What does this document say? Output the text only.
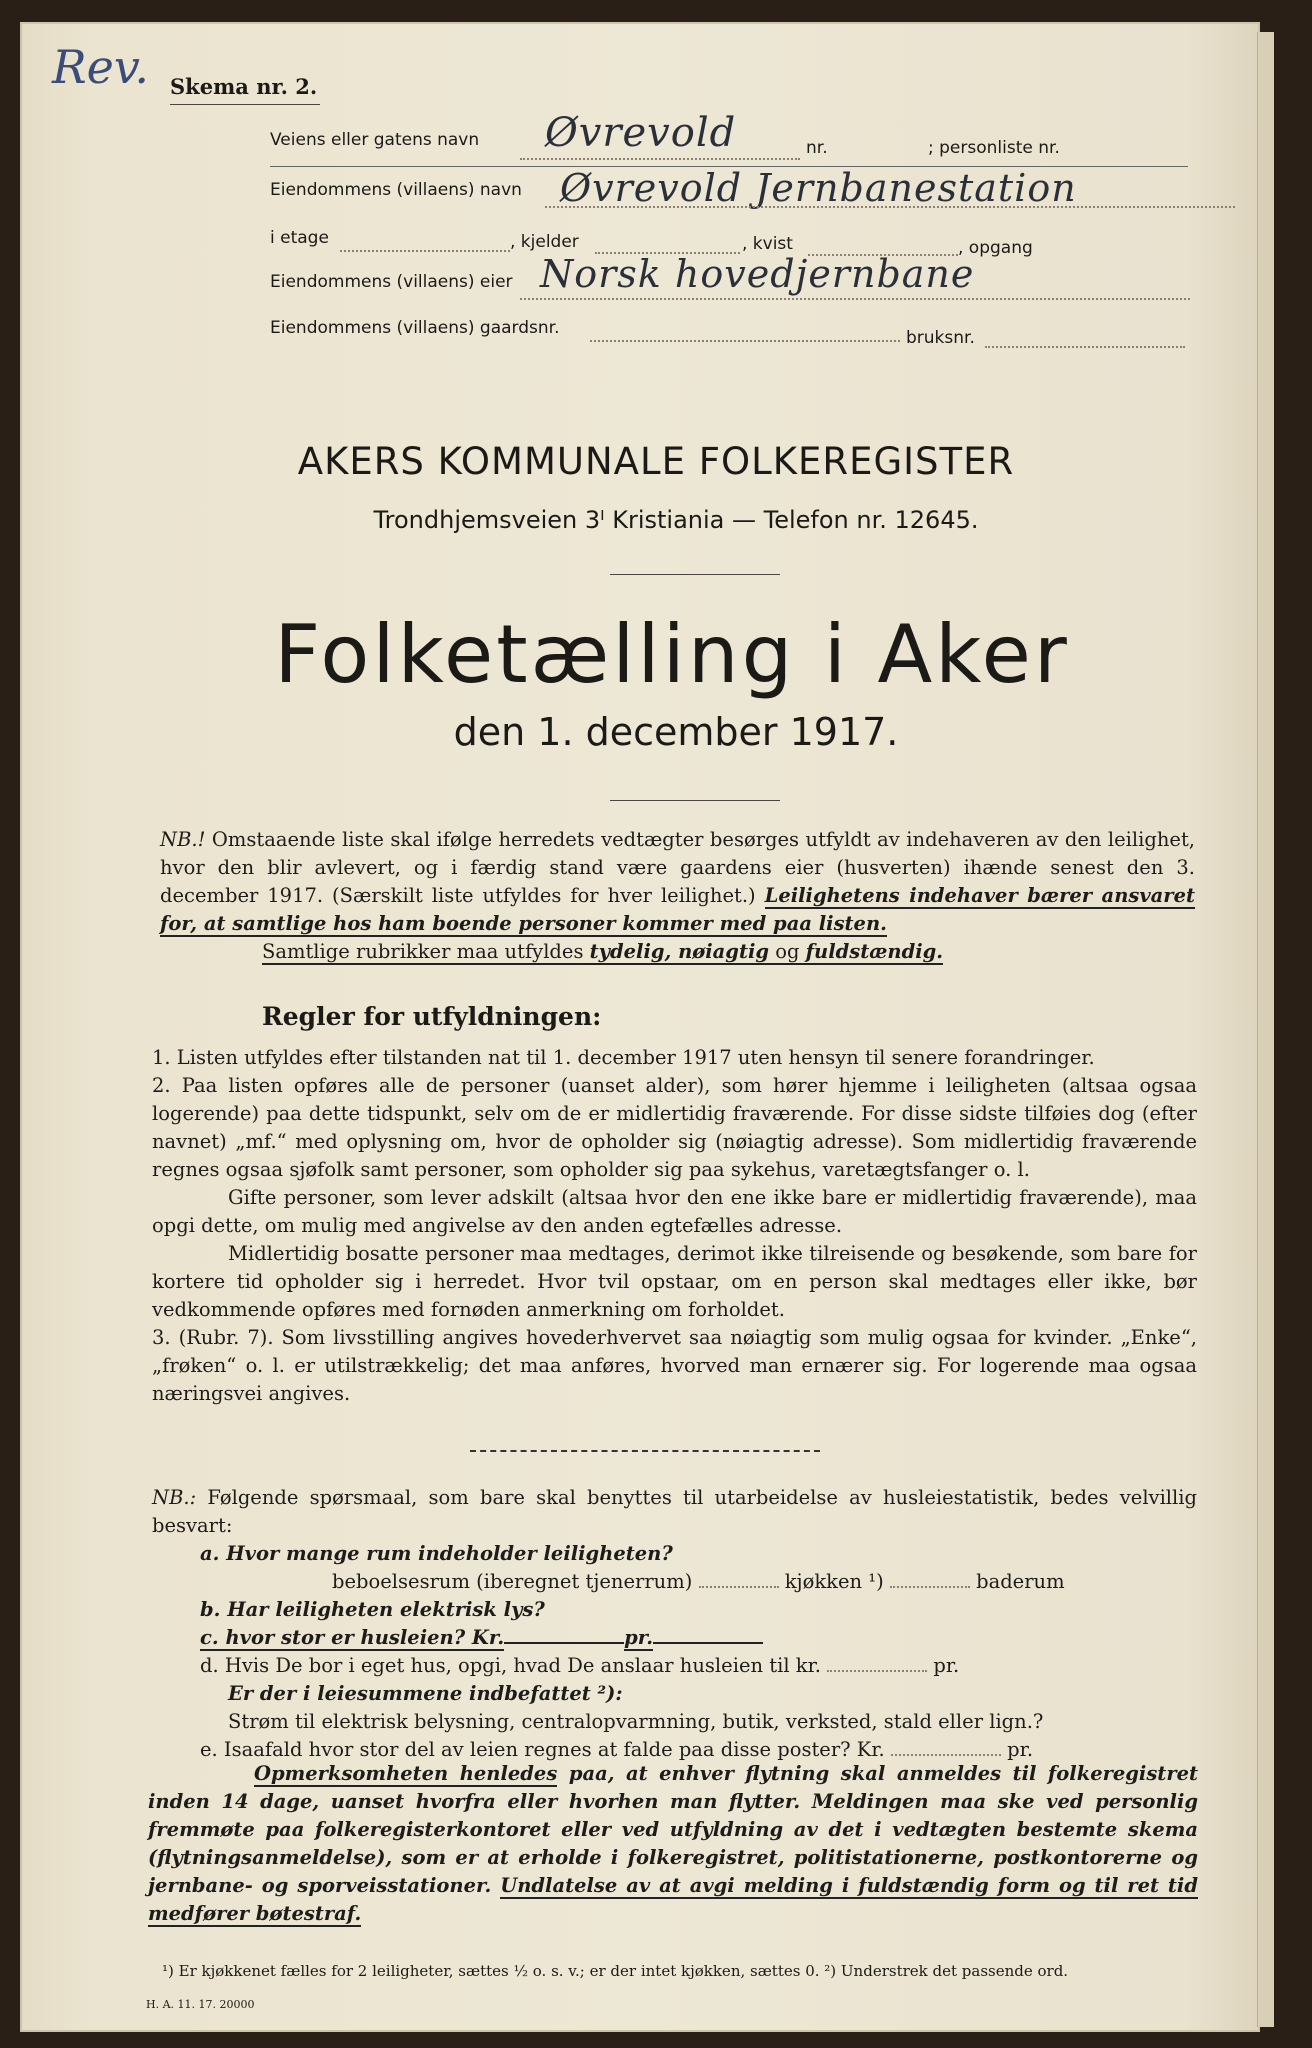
Rev. Skema nr. 2.
Veiens eller gatens navn Øvrevold	nr.	; personliste nr.
Eiendommens (villaens) navn Øvrevold Jernbanestation
i etage	, kjelder	, kvist	, opgang
Eiendommens (villaens) eier Norsk hovedjernbane
Eiendommens (villaens) gaardsnr.	bruksnr.
AKERS KOMMUNALE FOLKEREGISTER
Trondhjemsveien 3ᴵ Kristiania — Telefon nr. 12645.
Folketælling i Aker
den 1. december 1917.

NB.! Omstaaende liste skal ifølge herredets vedtægter besørges utfyldt av indehaveren av den leilighet, hvor den blir avlevert, og i færdig stand være gaardens eier (husverten) ihænde senest den 3. december 1917. (Særskilt liste utfyldes for hver leilighet.) Leilighetens indehaver bærer ansvaret for, at samtlige hos ham boende personer kommer med paa listen.

Samtlige rubrikker maa utfyldes tydelig, nøiagtig og fuldstændig.

Regler for utfyldningen:

1. Listen utfyldes efter tilstanden nat til 1. december 1917 uten hensyn til senere forandringer.

2. Paa listen opføres alle de personer (uanset alder), som hører hjemme i leiligheten (altsaa ogsaa logerende) paa dette tidspunkt, selv om de er midlertidig fraværende. For disse sidste tilføies dog (efter navnet) „mf.“ med oplysning om, hvor de opholder sig (nøiagtig adresse). Som midlertidig fraværende regnes ogsaa sjøfolk samt personer, som opholder sig paa sykehus, varetægtsfanger o. l.

Gifte personer, som lever adskilt (altsaa hvor den ene ikke bare er midlertidig fraværende), maa opgi dette, om mulig med angivelse av den anden egtefælles adresse.

Midlertidig bosatte personer maa medtages, derimot ikke tilreisende og besøkende, som bare for kortere tid opholder sig i herredet. Hvor tvil opstaar, om en person skal medtages eller ikke, bør vedkommende opføres med fornøden anmerkning om forholdet.

3. (Rubr. 7). Som livsstilling angives hovederhvervet saa nøiagtig som mulig ogsaa for kvinder. „Enke“, „frøken“ o. l. er utilstrækkelig; det maa anføres, hvorved man ernærer sig. For logerende maa ogsaa næringsvei angives.

NB.: Følgende spørsmaal, som bare skal benyttes til utarbeidelse av husleiestatistik, bedes velvillig besvart:

a. Hvor mange rum indeholder leiligheten?

beboelsesrum (iberegnet tjenerrum)	kjøkken ¹)	baderum

b. Har leiligheten elektrisk lys?

c. hvor stor er husleien? Kr.	pr.

d. Hvis De bor i eget hus, opgi, hvad De anslaar husleien til kr.	pr.

Er der i leiesummene indbefattet ²):

Strøm til elektrisk belysning, centralopvarmning, butik, verksted, stald eller lign.?

e. Isaafald hvor stor del av leien regnes at falde paa disse poster? Kr.	pr.

Opmerksomheten henledes paa, at enhver flytning skal anmeldes til folkeregistret inden 14 dage, uanset hvorfra eller hvorhen man flytter. Meldingen maa ske ved personlig fremmøte paa folkeregisterkontoret eller ved utfyldning av det i vedtægten bestemte skema (flytningsanmeldelse), som er at erholde i folkeregistret, politistationerne, postkontorerne og jernbane- og sporveisstationer. Undlatelse av at avgi melding i fuldstændig form og til ret tid medfører bøtestraf.

¹) Er kjøkkenet fælles for 2 leiligheter, sættes ½ o. s. v.; er der intet kjøkken, sættes 0. ²) Understrek det passende ord.
H. A. 11. 17. 20000
